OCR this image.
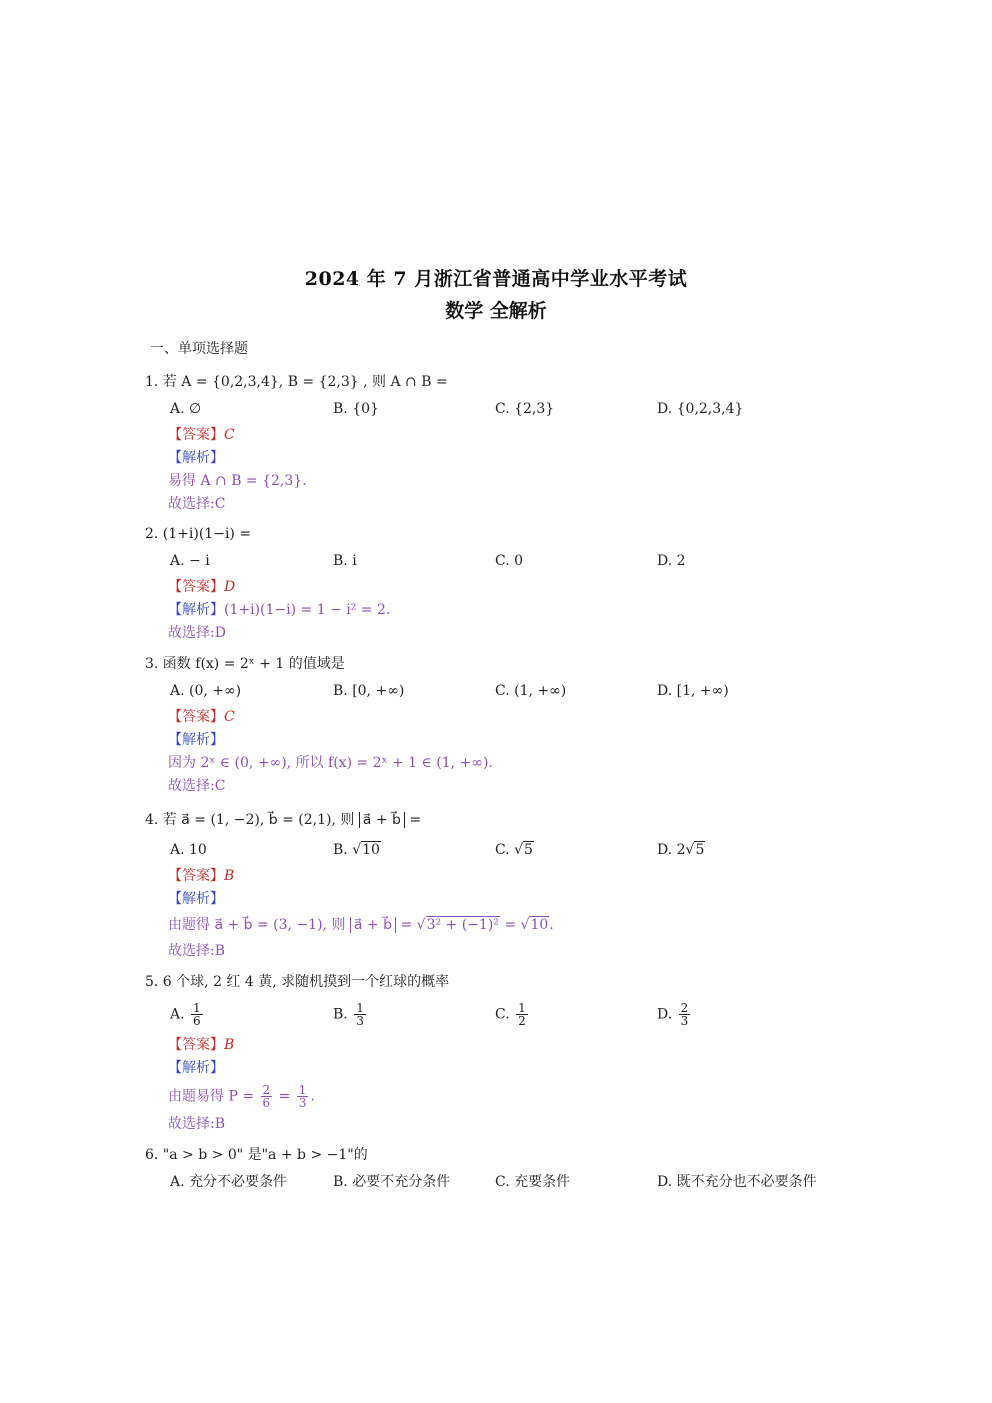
2024 年 7 月浙江省普通高中学业水平考试
数学 全解析
一、单项选择题
1. 若 A = {0,2,3,4}, B = {2,3} , 则 A ∩ B =
A. ∅	B. {0}	C. {2,3}	D. {0,2,3,4}
【答案】C
【解析】
易得 A ∩ B = {2,3}.
故选择:C
2. (1+i)(1−i) =
A. − i	B. i	C. 0	D. 2
【答案】D
【解析】(1+i)(1−i) = 1 − i² = 2.
故选择:D
3. 函数 f(x) = 2ˣ + 1 的值域是
A. (0, +∞)	B. [0, +∞)	C. (1, +∞)	D. [1, +∞)
【答案】C
【解析】
因为 2ˣ ∈ (0, +∞), 所以 f(x) = 2ˣ + 1 ∈ (1, +∞).
故选择:C
4. 若 a⃗ = (1, −2), b⃗ = (2,1), 则 a⃗ + b⃗ =
A. 10	B. √10	C. √5	D. 2√5
【答案】B
【解析】
由题得 a⃗ + b⃗ = (3, −1), 则 a⃗ + b⃗ = √3² + (−1)² = √10.
故选择:B
5. 6 个球, 2 红 4 黄, 求随机摸到一个红球的概率
A. $\frac{1}{6}$	B. $\frac{1}{3}$	C. $\frac{1}{2}$	D. $\frac{2}{3}$
【答案】B
【解析】
由题易得 $P = \frac{2}{6} = \frac{1}{3}$ .
故选择:B
6. "a > b > 0" 是"a + b > −1"的
A. 充分不必要条件	B. 必要不充分条件	C. 充要条件	D. 既不充分也不必要条件
